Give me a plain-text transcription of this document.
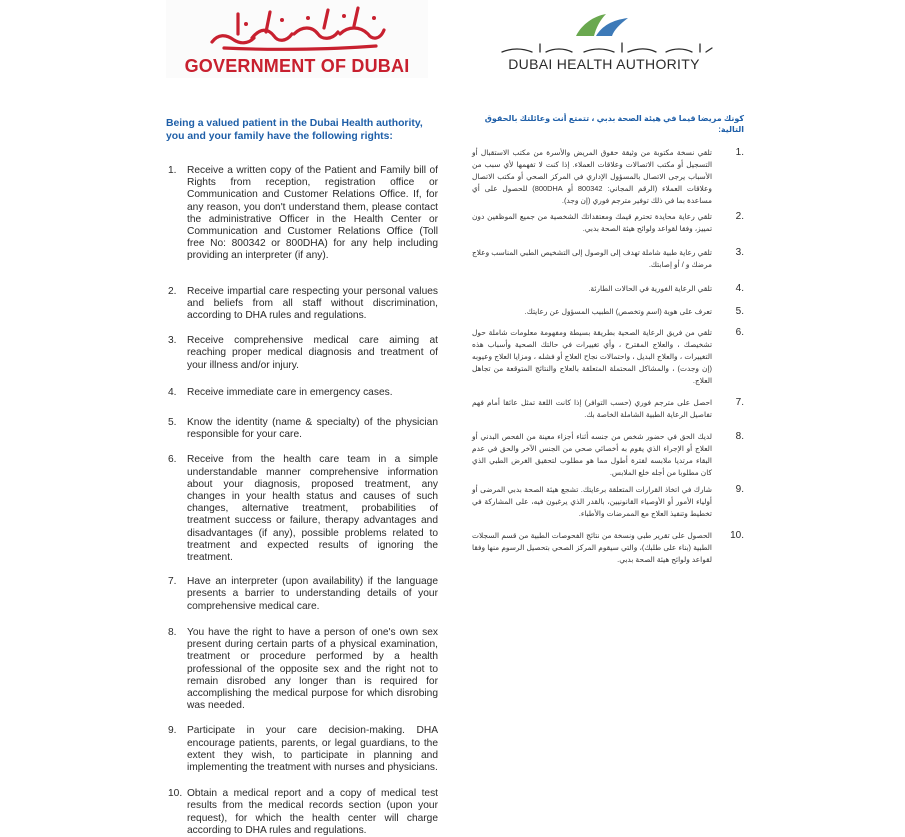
GOVERNMENT OF DUBAI	DUBAI HEALTH AUTHORITY

Being a valued patient in the Dubai Health authority, you and your family have the following rights:

1. Receive a written copy of the Patient and Family bill of Rights from reception, registration office or Communication and Customer Relations Office. If, for any reason, you don't understand them, please contact the administrative Officer in the Health Center or Communication and Customer Relations Office (Toll free No: 800342 or 800DHA) for any help including providing an interpreter (if any).
2. Receive impartial care respecting your personal values and beliefs from all staff without discrimination, according to DHA rules and regulations.
3. Receive comprehensive medical care aiming at reaching proper medical diagnosis and treatment of your illness and/or injury.
4. Receive immediate care in emergency cases.
5. Know the identity (name & specialty) of the physician responsible for your care.
6. Receive from the health care team in a simple understandable manner comprehensive information about your diagnosis, proposed treatment, any changes in your health status and causes of such changes, alternative treatment, probabilities of treatment success or failure, therapy advantages and disadvantages (if any), possible problems related to treatment and expected results of ignoring the treatment.
7. Have an interpreter (upon availability) if the language presents a barrier to understanding details of your comprehensive medical care.
8. You have the right to have a person of one's own sex present during certain parts of a physical examination, treatment or procedure performed by a health professional of the opposite sex and the right not to remain disrobed any longer than is required for accomplishing the medical purpose for which disrobing was needed.
9. Participate in your care decision-making. DHA encourage patients, parents, or legal guardians, to the extent they wish, to participate in planning and implementing the treatment with nurses and physicians.
10. Obtain a medical report and a copy of medical test results from the medical records section (upon your request), for which the health center will charge according to DHA rules and regulations.

كونك مريضا قيما في هيئة الصحة بدبي ، تتمتع أنت وعائلتك بالحقوق التالية:

1.
تلقي نسخة مكتوبة من وثيقة حقوق المريض والأسرة من مكتب الاستقبال أو التسجيل أو مكتب الاتصالات وعلاقات العملاء. إذا كنت لا تفهمها لأي سبب من الأسباب يرجى الاتصال بالمسؤول الإداري في المركز الصحي أو مكتب الاتصال وعلاقات العملاء (الرقم المجاني: 800342 أو 800DHA) للحصول على أي مساعدة بما في ذلك توفير مترجم فوري (إن وجد).
2.
تلقي رعاية محايدة تحترم قيمك ومعتقداتك الشخصية من جميع الموظفين دون تمييز، وفقا لقواعد ولوائح هيئة الصحة بدبي.
3.
تلقي رعاية طبية شاملة تهدف إلى الوصول إلى التشخيص الطبي المناسب وعلاج مرضك و / أو إصابتك.
4.
تلقي الرعاية الفورية في الحالات الطارئة.
5.
تعرف على هوية (اسم وتخصص) الطبيب المسؤول عن رعايتك.
6.
تلقي من فريق الرعاية الصحية بطريقة بسيطة ومفهومة معلومات شاملة حول تشخيصك ، والعلاج المقترح ، وأي تغييرات في حالتك الصحية وأسباب هذه التغييرات ، والعلاج البديل ، واحتمالات نجاح العلاج أو فشله ، ومزايا العلاج وعيوبه (إن وجدت) ، والمشاكل المحتملة المتعلقة بالعلاج والنتائج المتوقعة من تجاهل العلاج.
7.
احصل على مترجم فوري (حسب التوافر) إذا كانت اللغة تمثل عائقا أمام فهم تفاصيل الرعاية الطبية الشاملة الخاصة بك.
8.
لديك الحق في حضور شخص من جنسه أثناء أجزاء معينة من الفحص البدني أو العلاج أو الإجراء الذي يقوم به أخصائي صحي من الجنس الآخر والحق في عدم البقاء مرتديا ملابسه لفترة أطول مما هو مطلوب لتحقيق الغرض الطبي الذي كان مطلوبا من أجله خلع الملابس.
9.
شارك في اتخاذ القرارات المتعلقة برعايتك. تشجع هيئة الصحة بدبي المرضى أو أولياء الأمور أو الأوصياء القانونيين، بالقدر الذي يرغبون فيه، على المشاركة في تخطيط وتنفيذ العلاج مع الممرضات والأطباء.
10.
الحصول على تقرير طبي ونسخة من نتائج الفحوصات الطبية من قسم السجلات الطبية (بناء على طلبك)، والتي سيقوم المركز الصحي بتحصيل الرسوم منها وفقا لقواعد ولوائح هيئة الصحة بدبي.
